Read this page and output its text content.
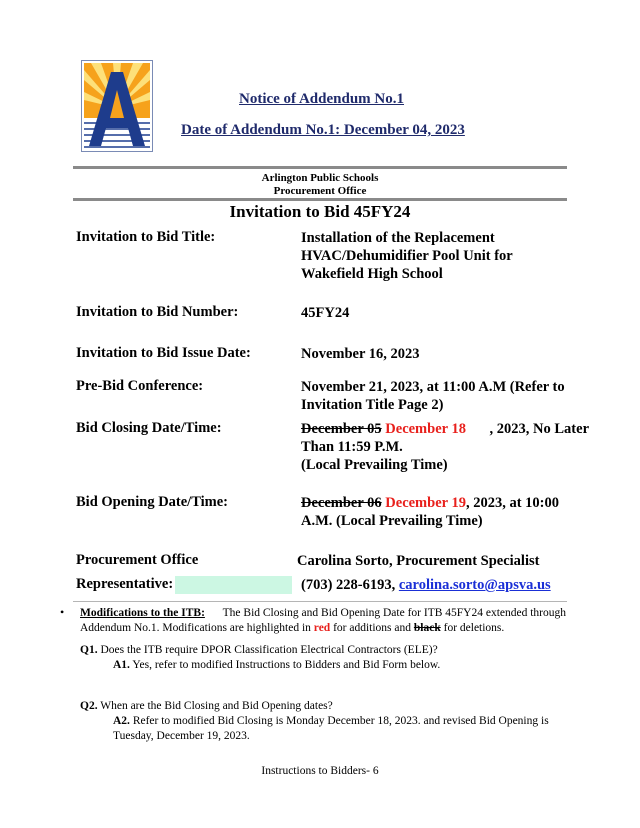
Notice of Addendum No.1
Date of Addendum No.1: December 04, 2023
Arlington Public Schools
Procurement Office
Invitation to Bid 45FY24
Invitation to Bid Title:	Installation of the Replacement
HVAC/Dehumidifier Pool Unit for
Wakefield High School
Invitation to Bid Number:	45FY24
Invitation to Bid Issue Date:	November 16, 2023
Pre-Bid Conference:	November 21, 2023, at 11:00 A.M (Refer to
Invitation Title Page 2)
Bid Closing Date/Time:	December 05 December 18 , 2023, No Later
Than 11:59 P.M.
(Local Prevailing Time)
Bid Opening Date/Time:	December 06 December 19, 2023, at 10:00
A.M. (Local Prevailing Time)
Procurement Office	Carolina Sorto, Procurement Specialist
Representative:	(703) 228-6193, carolina.sorto@apsva.us
• Modifications to the ITB: The Bid Closing and Bid Opening Date for ITB 45FY24 extended through
Addendum No.1. Modifications are highlighted in red for additions and black for deletions.
Q1. Does the ITB require DPOR Classification Electrical Contractors (ELE)?
A1. Yes, refer to modified Instructions to Bidders and Bid Form below.
Q2. When are the Bid Closing and Bid Opening dates?
A2. Refer to modified Bid Closing is Monday December 18, 2023. and revised Bid Opening is
Tuesday, December 19, 2023.
Instructions to Bidders- 6
